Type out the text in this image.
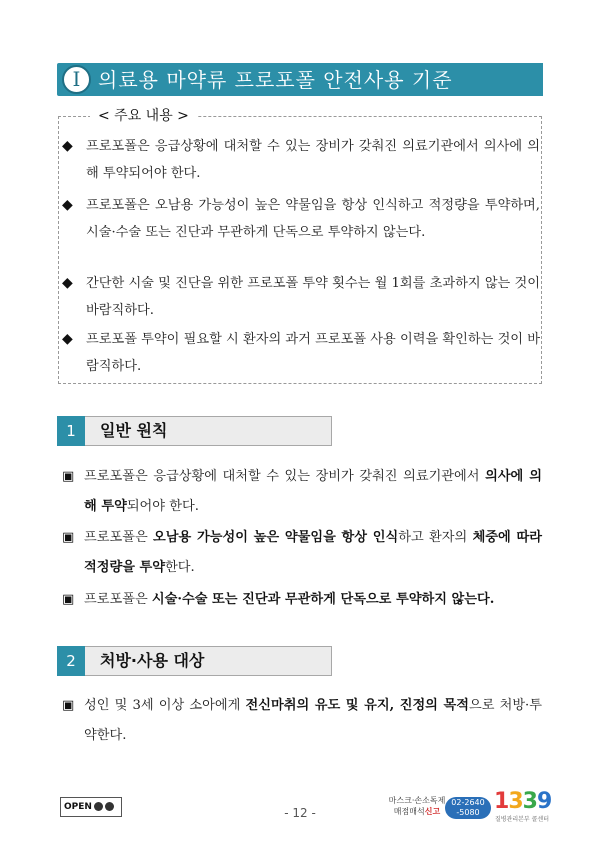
Ⅰ 의료용 마약류 프로포폴 안전사용 기준
< 주요 내용 >
◆ 프로포폴은 응급상황에 대처할 수 있는 장비가 갖춰진 의료기관에서 의사에 의해 투약되어야 한다.
◆ 프로포폴은 오남용 가능성이 높은 약물임을 항상 인식하고 적정량을 투약하며, 시술·수술 또는 진단과 무관하게 단독으로 투약하지 않는다.
◆ 간단한 시술 및 진단을 위한 프로포폴 투약 횟수는 월 1회를 초과하지 않는 것이 바람직하다.
◆ 프로포폴 투약이 필요할 시 환자의 과거 프로포폴 사용 이력을 확인하는 것이 바람직하다.
1	일반 원칙
▣ 프로포폴은 응급상황에 대처할 수 있는 장비가 갖춰진 의료기관에서 의사에 의해 투약되어야 한다.
▣ 프로포폴은 오남용 가능성이 높은 약물임을 항상 인식하고 환자의 체중에 따라 적정량을 투약한다.
▣ 프로포폴은 시술·수술 또는 진단과 무관하게 단독으로 투약하지 않는다.
2	처방·사용 대상
▣ 성인 및 3세 이상 소아에게 전신마취의 유도 및 유지, 진정의 목적으로 처방·투약한다.
OPEN	- 12 -
마스크·손소독제
매점매석신고
02-2640
-5080 1339
질병관리본부 콜센터
